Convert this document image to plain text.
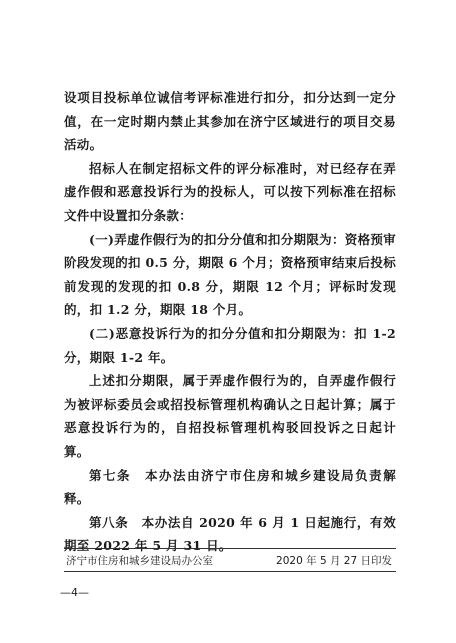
设项目投标单位诚信考评标准进行扣分，扣分达到一定分值，在一定时期内禁止其参加在济宁区域进行的项目交易活动。

招标人在制定招标文件的评分标准时，对已经存在弄虚作假和恶意投诉行为的投标人，可以按下列标准在招标文件中设置扣分条款：

(一)弄虚作假行为的扣分分值和扣分期限为：资格预审阶段发现的扣 0.5 分，期限 6 个月；资格预审结束后投标前发现的发现的扣 0.8 分，期限 12 个月；评标时发现的，扣 1.2 分，期限 18 个月。

(二)恶意投诉行为的扣分分值和扣分期限为：扣 1-2 分，期限 1-2 年。

上述扣分期限，属于弄虚作假行为的，自弄虚作假行为被评标委员会或招投标管理机构确认之日起计算；属于恶意投诉行为的，自招投标管理机构驳回投诉之日起计算。

第七条　本办法由济宁市住房和城乡建设局负责解释。

第八条　本办法自 2020 年 6 月 1 日起施行，有效期至 2022 年 5 月 31 日。

济宁市住房和城乡建设局办公室	2020 年 5 月 27 日印发
—4—
